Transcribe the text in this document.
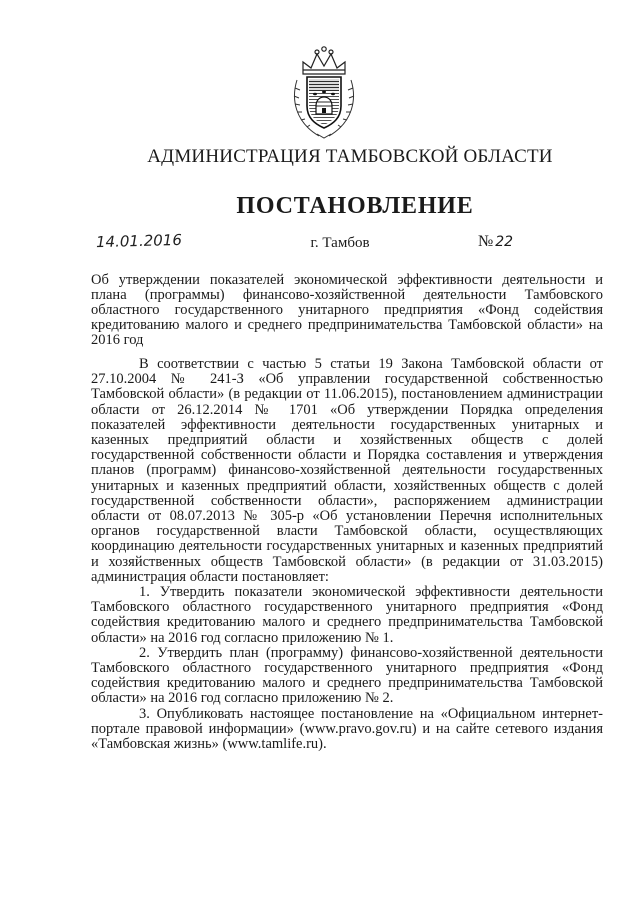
АДМИНИСТРАЦИЯ ТАМБОВСКОЙ ОБЛАСТИ
ПОСТАНОВЛЕНИЕ
14.01.2016	г. Тамбов	№ 22
Об утверждении показателей экономической эффективности деятельности и плана (программы) финансово-хозяйственной деятельности Тамбовского областного государственного унитарного предприятия «Фонд содействия кредитованию малого и среднего предпринимательства Тамбовской области» на 2016 год

В соответствии с частью 5 статьи 19 Закона Тамбовской области от 27.10.2004 № 241-З «Об управлении государственной собственностью Тамбовской области» (в редакции от 11.06.2015), постановлением администрации области от 26.12.2014 № 1701 «Об утверждении Порядка определения показателей эффективности деятельности государственных унитарных и казенных предприятий области и хозяйственных обществ с долей государственной собственности области и Порядка составления и утверждения планов (программ) финансово-хозяйственной деятельности государственных унитарных и казенных предприятий области, хозяйственных обществ с долей государственной собственности области», распоряжением администрации области от 08.07.2013 № 305-р «Об установлении Перечня исполнительных органов государственной власти Тамбовской области, осуществляющих координацию деятельности государственных унитарных и казенных предприятий и хозяйственных обществ Тамбовской области» (в редакции от 31.03.2015) администрация области постановляет:

1. Утвердить показатели экономической эффективности деятельности Тамбовского областного государственного унитарного предприятия «Фонд содействия кредитованию малого и среднего предпринимательства Тамбовской области» на 2016 год согласно приложению № 1.

2. Утвердить план (программу) финансово-хозяйственной деятельности Тамбовского областного государственного унитарного предприятия «Фонд содействия кредитованию малого и среднего предпринимательства Тамбовской области» на 2016 год согласно приложению № 2.

3. Опубликовать настоящее постановление на «Официальном интернет-портале правовой информации» (www.pravo.gov.ru) и на сайте сетевого издания «Тамбовская жизнь» (www.tamlife.ru).
